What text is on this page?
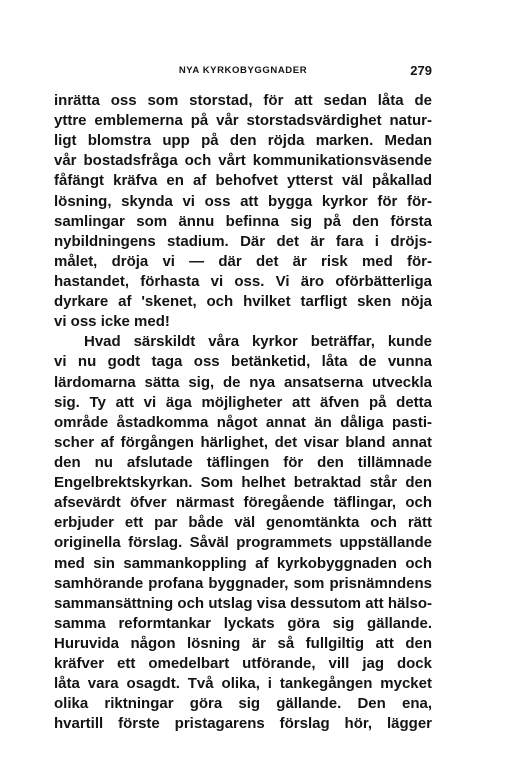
NYA KYRKOBYGGNADER	279
inrätta oss som storstad, för att sedan låta de
yttre emblemerna på vår storstadsvärdighet natur-
ligt blomstra upp på den röjda marken. Medan
vår bostadsfråga och vårt kommunikationsväsende
fåfängt kräfva en af behofvet ytterst väl påkallad
lösning, skynda vi oss att bygga kyrkor för för-
samlingar som ännu befinna sig på den första
nybildningens stadium. Där det är fara i dröjs-
målet, dröja vi — där det är risk med för-
hastandet, förhasta vi oss. Vi äro oförbätterliga
dyrkare af 'skenet, och hvilket tarfligt sken nöja
vi oss icke med!
Hvad särskildt våra kyrkor beträffar, kunde
vi nu godt taga oss betänketid, låta de vunna
lärdomarna sätta sig, de nya ansatserna utveckla
sig. Ty att vi äga möjligheter att äfven på detta
område åstadkomma något annat än dåliga pasti-
scher af förgången härlighet, det visar bland annat
den nu afslutade täflingen för den tillämnade
Engelbrektskyrkan. Som helhet betraktad står den
afsevärdt öfver närmast föregående täflingar, och
erbjuder ett par både väl genomtänkta och rätt
originella förslag. Såväl programmets uppställande
med sin sammankoppling af kyrkobyggnaden och
samhörande profana byggnader, som prisnämndens
sammansättning och utslag visa dessutom att hälso-
samma reformtankar lyckats göra sig gällande.
Huruvida någon lösning är så fullgiltig att den
kräfver ett omedelbart utförande, vill jag dock
låta vara osagdt. Två olika, i tankegången mycket
olika riktningar göra sig gällande. Den ena,
hvartill förste pristagarens förslag hör, lägger
